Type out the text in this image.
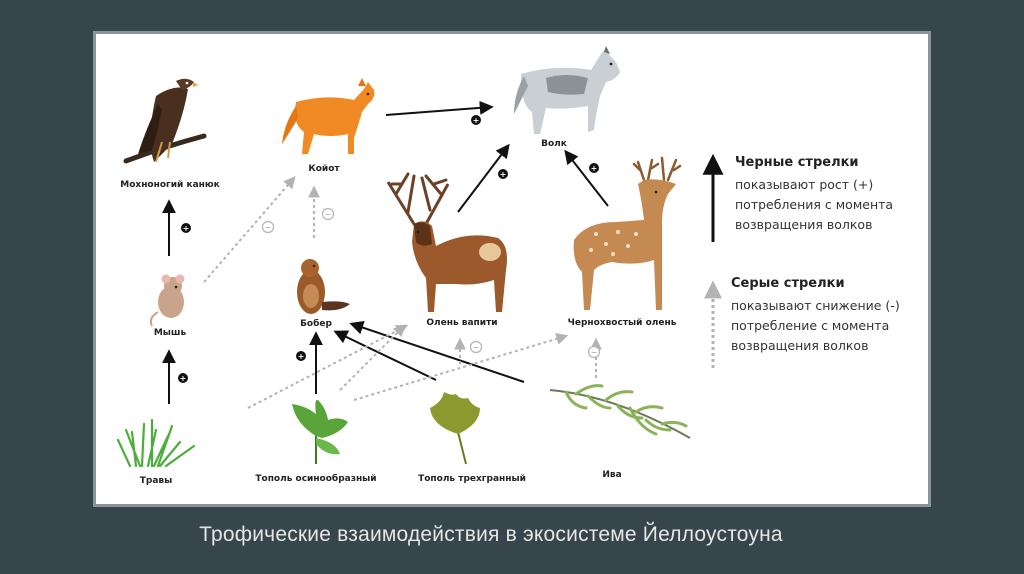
+
+
+
+
+
+
−
−
−
−
Мохноногий канюк
Койот
Волк
Мышь
Бобер	Олень вапити	Чернохвостый олень
Травы	Тополь осинообразный	Тополь трехгранный	Ива
Черные стрелки
показывают рост (+) потребления с момента возвращения волков
Серые стрелки
показывают снижение (-) потребление с момента возвращения волков
Трофические взаимодействия в экосистеме Йеллоустоуна
